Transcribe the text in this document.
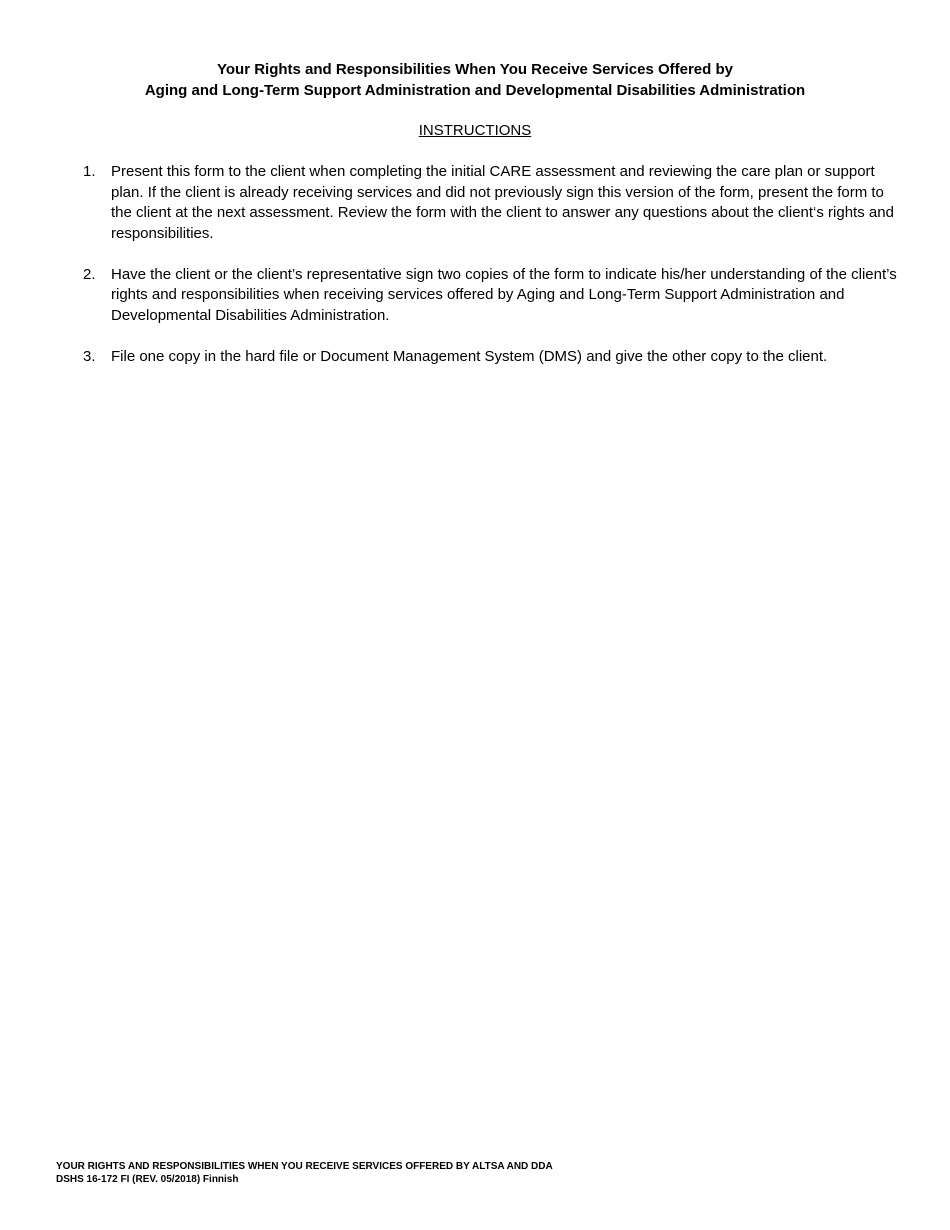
Your Rights and Responsibilities When You Receive Services Offered by
Aging and Long-Term Support Administration and Developmental Disabilities Administration
INSTRUCTIONS
1.	Present this form to the client when completing the initial CARE assessment and reviewing the care plan or support plan. If the client is already receiving services and did not previously sign this version of the form, present the form to the client at the next assessment. Review the form with the client to answer any questions about the client‘s rights and responsibilities.
2.	Have the client or the client’s representative sign two copies of the form to indicate his/her understanding of the client’s rights and responsibilities when receiving services offered by Aging and Long-Term Support Administration and Developmental Disabilities Administration.
3.	File one copy in the hard file or Document Management System (DMS) and give the other copy to the client.
YOUR RIGHTS AND RESPONSIBILITIES WHEN YOU RECEIVE SERVICES OFFERED BY ALTSA AND DDA
DSHS 16-172 FI (REV. 05/2018) Finnish
